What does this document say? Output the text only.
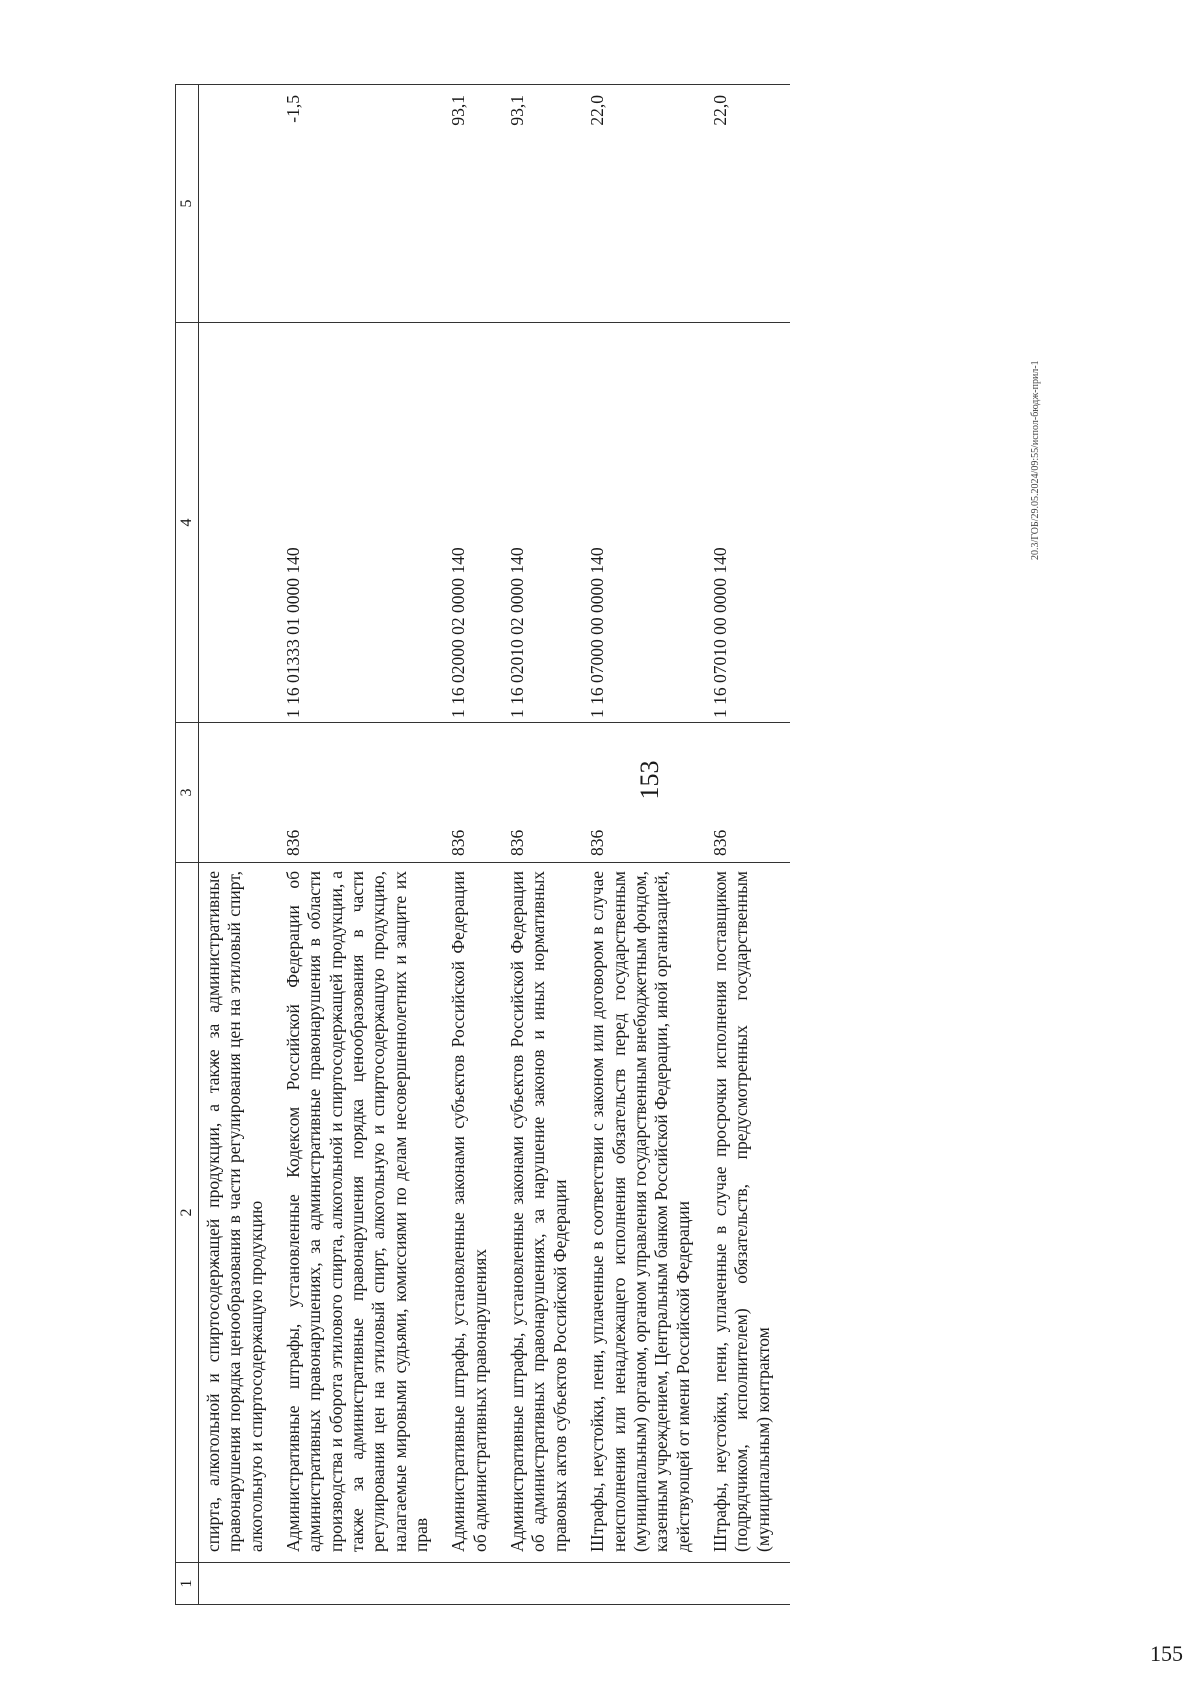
153
1	2	3	4	5
	спирта, алкогольной и спиртосодержащей продукции, а также за административные правонарушения порядка ценообразования в части регулирования цен на этиловый спирт, алкогольную и спиртосодержащую продукцию			
	Административные штрафы, установленные Кодексом Российской Федерации об административных правонарушениях, за административные правонарушения в области производства и оборота этилового спирта, алкогольной и спиртосодержащей продукции, а также за административные правонарушения порядка ценообразования в части регулирования цен на этиловый спирт, алкогольную и спиртосодержащую продукцию, налагаемые мировыми судьями, комиссиями по делам несовершеннолетних и защите их прав	836	1 16 01333 01 0000 140	-1,5
	Административные штрафы, установленные законами субъектов Российской Федерации об административных правонарушениях	836	1 16 02000 02 0000 140	93,1
	Административные штрафы, установленные законами субъектов Российской Федерации об административных правонарушениях, за нарушение законов и иных нормативных правовых актов субъектов Российской Федерации	836	1 16 02010 02 0000 140	93,1
	Штрафы, неустойки, пени, уплаченные в соответствии с законом или договором в случае неисполнения или ненадлежащего исполнения обязательств перед государственным (муниципальным) органом, органом управления государственным внебюджетным фондом, казенным учреждением, Центральным банком Российской Федерации, иной организацией, действующей от имени Российской Федерации	836	1 16 07000 00 0000 140	22,0
	Штрафы, неустойки, пени, уплаченные в случае просрочки исполнения поставщиком (подрядчиком, исполнителем) обязательств, предусмотренных государственным (муниципальным) контрактом	836	1 16 07010 00 0000 140	22,0
20.3/ГОБ/29.05.2024/09:55/испол-бюдж-прил-1
155
